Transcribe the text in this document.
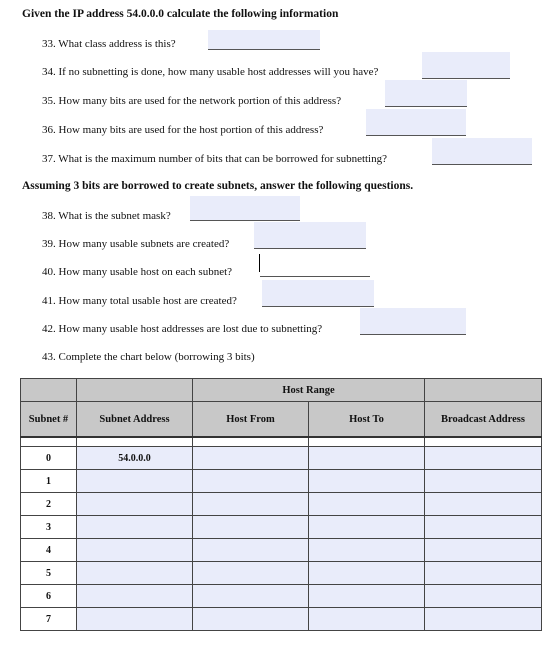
Given the IP address 54.0.0.0 calculate the following information
33. What class address is this?
34. If no subnetting is done, how many usable host addresses will you have?
35. How many bits are used for the network portion of this address?
36. How many bits are used for the host portion of this address?
37. What is the maximum number of bits that can be borrowed for subnetting?
Assuming 3 bits are borrowed to create subnets, answer the following questions.
38. What is the subnet mask?
39. How many usable subnets are created?
40. How many usable host on each subnet?
41. How many total usable host are created?
42. How many usable host addresses are lost due to subnetting?
43. Complete the chart below (borrowing 3 bits)
		Host Range		
Subnet #	Subnet Address	Host From	Host To	Broadcast Address

0	54.0.0.0			
1				
2				
3				
4				
5				
6				
7				
